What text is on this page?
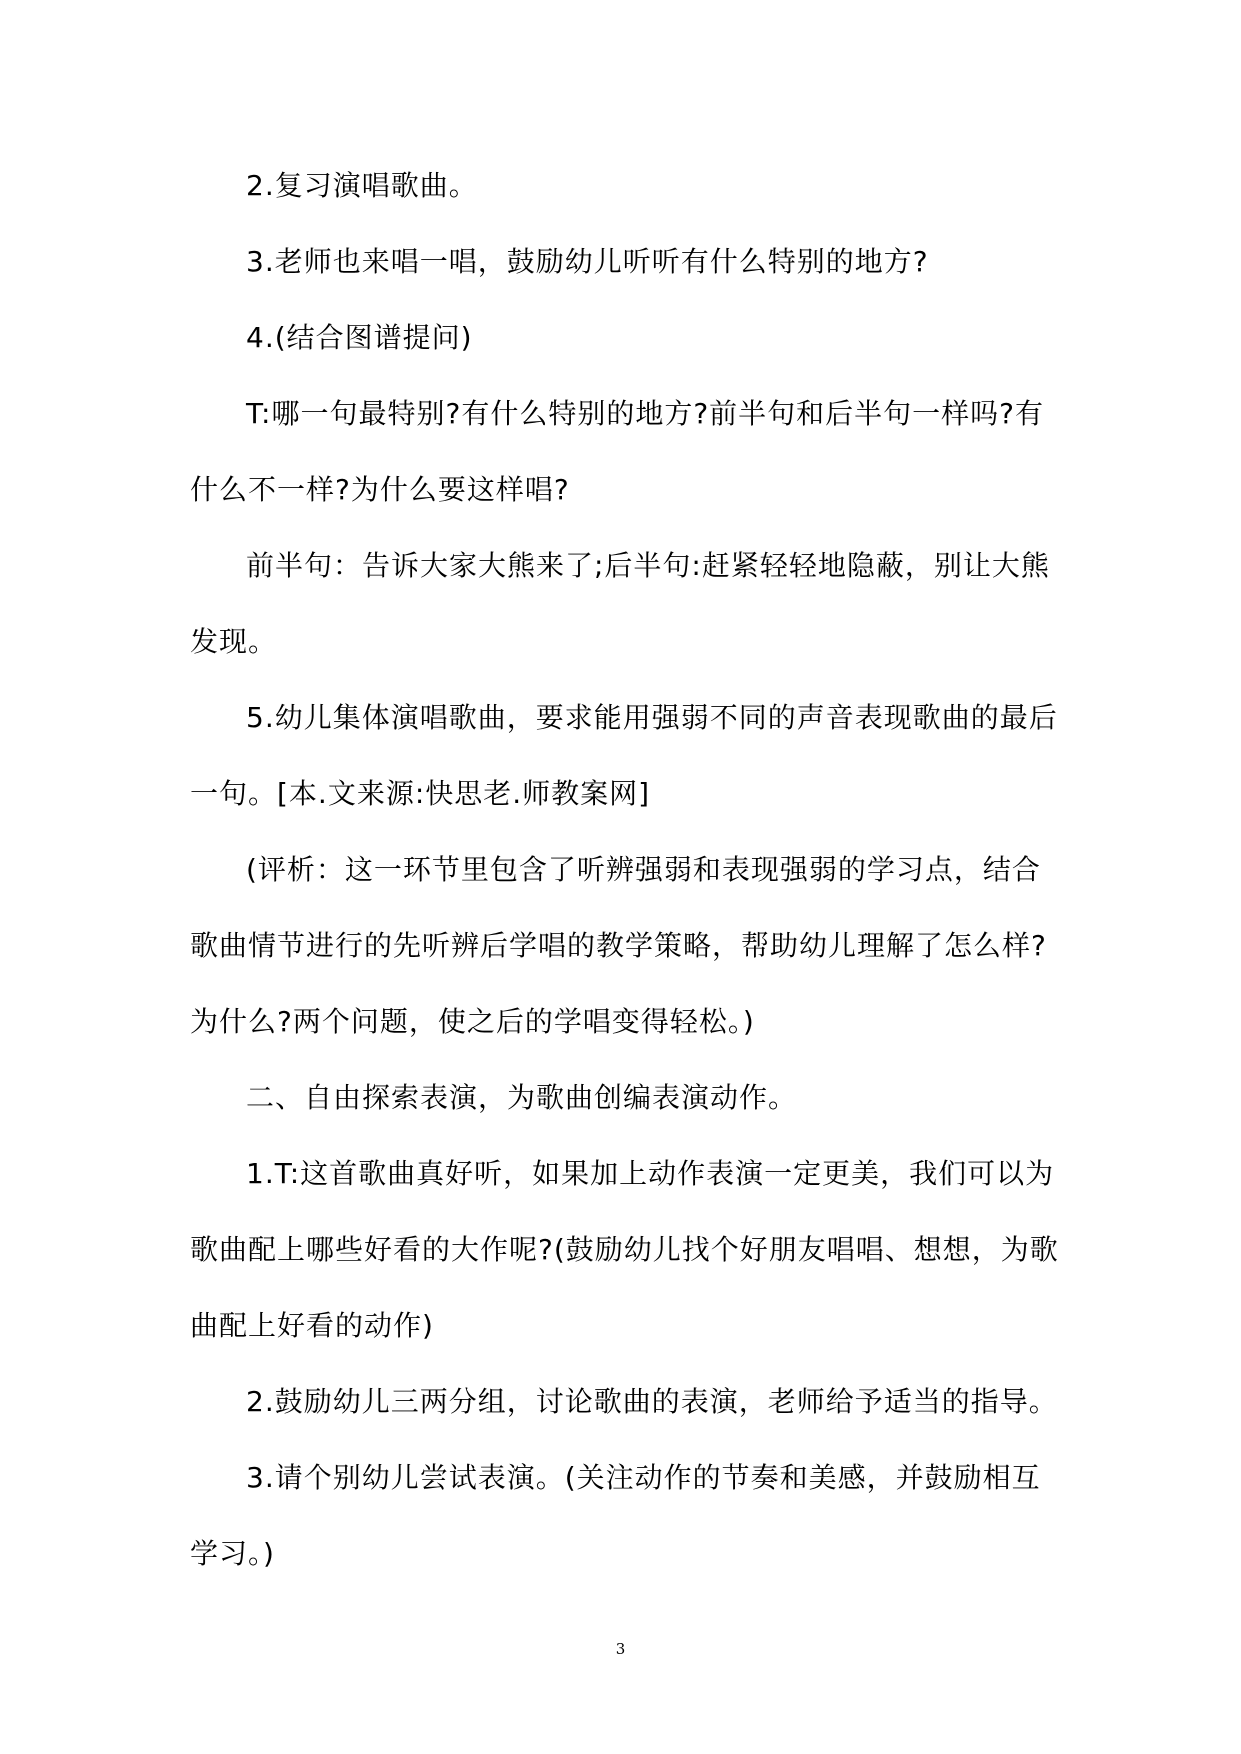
2.复习演唱歌曲。

3.老师也来唱一唱，鼓励幼儿听听有什么特别的地方?

4.(结合图谱提问)

T:哪一句最特别?有什么特别的地方?前半句和后半句一样吗?有什么不一样?为什么要这样唱?

前半句：告诉大家大熊来了;后半句:赶紧轻轻地隐蔽，别让大熊发现。

5.幼儿集体演唱歌曲，要求能用强弱不同的声音表现歌曲的最后一句。[本.文来源:快思老.师教案网]

(评析：这一环节里包含了听辨强弱和表现强弱的学习点，结合歌曲情节进行的先听辨后学唱的教学策略，帮助幼儿理解了怎么样?为什么?两个问题，使之后的学唱变得轻松。)

二、自由探索表演，为歌曲创编表演动作。

1.T:这首歌曲真好听，如果加上动作表演一定更美，我们可以为歌曲配上哪些好看的大作呢?(鼓励幼儿找个好朋友唱唱、想想，为歌曲配上好看的动作)

2.鼓励幼儿三两分组，讨论歌曲的表演，老师给予适当的指导。

3.请个别幼儿尝试表演。(关注动作的节奏和美感，并鼓励相互学习。)

3
